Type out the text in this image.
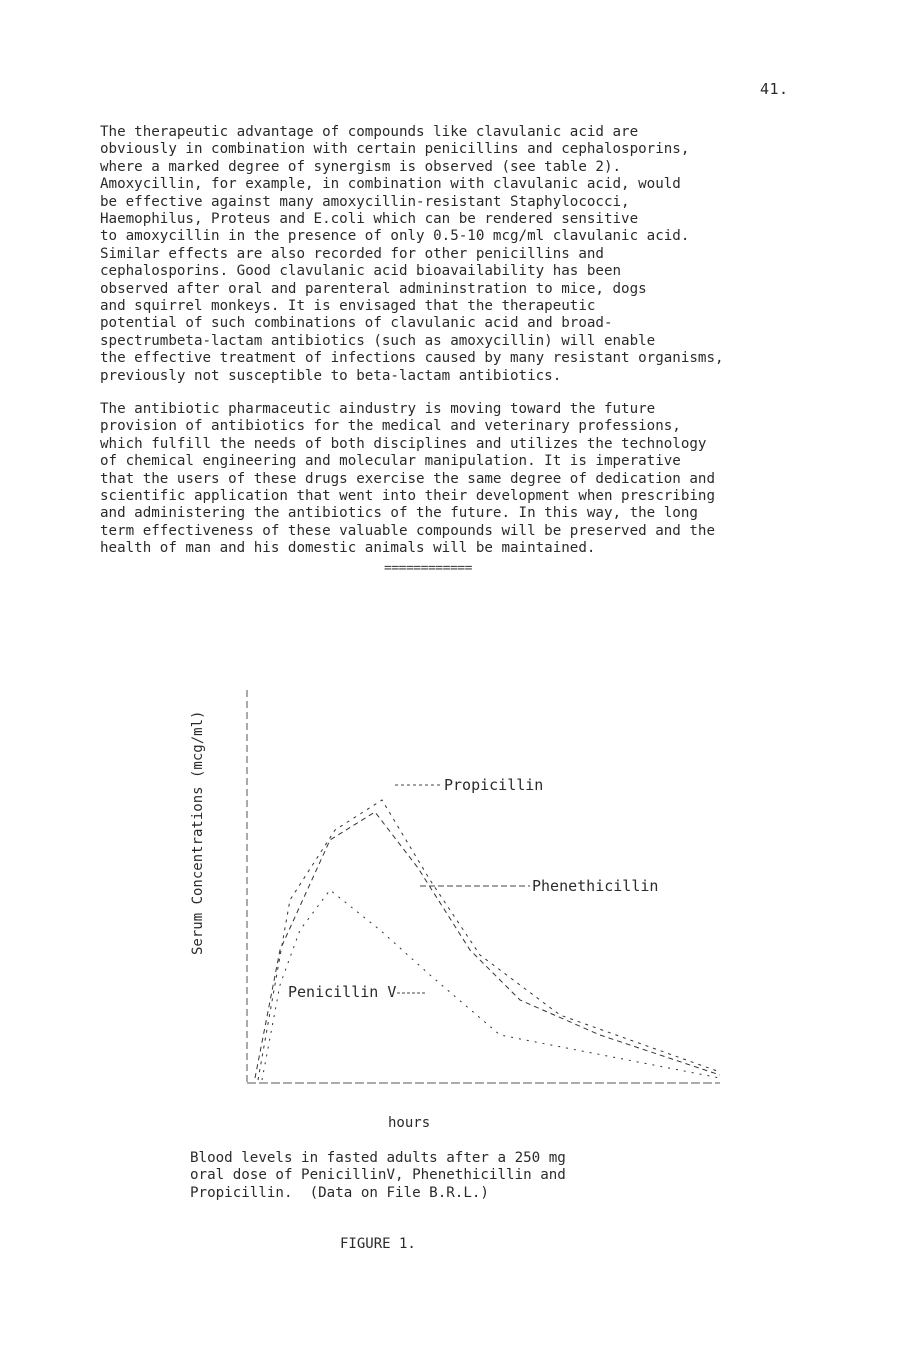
41.
The therapeutic advantage of compounds like clavulanic acid are
obviously in combination with certain penicillins and cephalosporins,
where a marked degree of synergism is observed (see table 2).
Amoxycillin, for example, in combination with clavulanic acid, would
be effective against many amoxycillin-resistant Staphylococci,
Haemophilus, Proteus and E.coli which can be rendered sensitive
to amoxycillin in the presence of only 0.5-10 mcg/ml clavulanic acid.
Similar effects are also recorded for other penicillins and
cephalosporins. Good clavulanic acid bioavailability has been
observed after oral and parenteral admininstration to mice, dogs
and squirrel monkeys. It is envisaged that the therapeutic
potential of such combinations of clavulanic acid and broad-
spectrumbeta-lactam antibiotics (such as amoxycillin) will enable
the effective treatment of infections caused by many resistant organisms,
previously not susceptible to beta-lactam antibiotics.
The antibiotic pharmaceutic aindustry is moving toward the future
provision of antibiotics for the medical and veterinary professions,
which fulfill the needs of both disciplines and utilizes the technology
of chemical engineering and molecular manipulation. It is imperative
that the users of these drugs exercise the same degree of dedication and
scientific application that went into their development when prescribing
and administering the antibiotics of the future. In this way, the long
term effectiveness of these valuable compounds will be preserved and the
health of man and his domestic animals will be maintained.
============
Serum Concentrations (mcg/ml)
hours
Propicillin
Phenethicillin
Penicillin V
Blood levels in fasted adults after a 250 mg
oral dose of PenicillinV, Phenethicillin and
Propicillin.  (Data on File B.R.L.)
FIGURE 1.
